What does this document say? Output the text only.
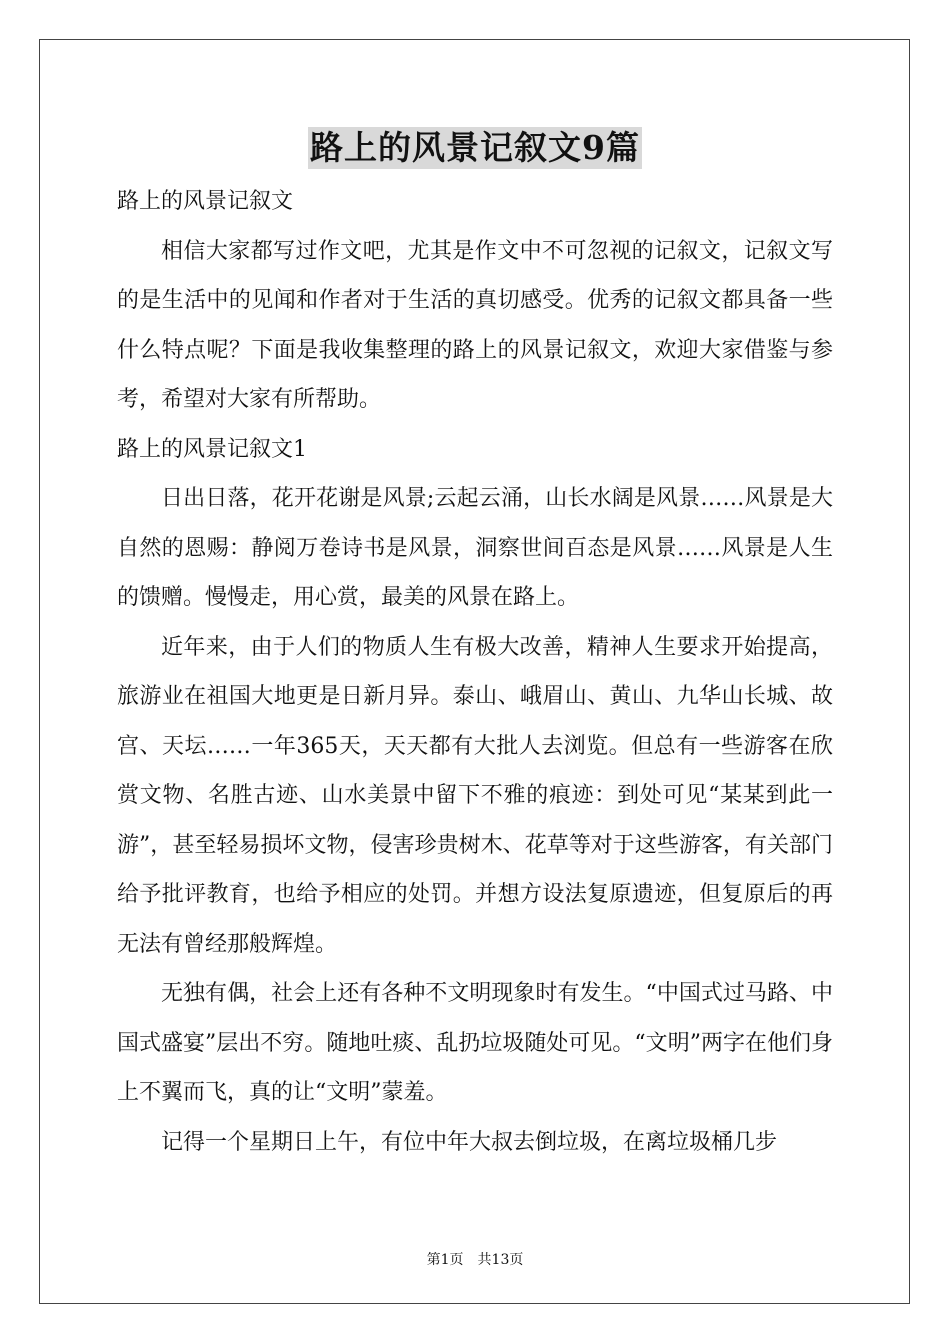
路上的风景记叙文9篇

路上的风景记叙文

相信大家都写过作文吧，尤其是作文中不可忽视的记叙文，记叙文写的是生活中的见闻和作者对于生活的真切感受。优秀的记叙文都具备一些什么特点呢？下面是我收集整理的路上的风景记叙文，欢迎大家借鉴与参考，希望对大家有所帮助。

路上的风景记叙文1

日出日落，花开花谢是风景;云起云涌，山长水阔是风景……风景是大自然的恩赐：静阅万卷诗书是风景，洞察世间百态是风景……风景是人生的馈赠。慢慢走，用心赏，最美的风景在路上。

近年来，由于人们的物质人生有极大改善，精神人生要求开始提高，旅游业在祖国大地更是日新月异。泰山、峨眉山、黄山、九华山长城、故宫、天坛……一年365天，天天都有大批人去浏览。但总有一些游客在欣赏文物、名胜古迹、山水美景中留下不雅的痕迹：到处可见“某某到此一游”，甚至轻易损坏文物，侵害珍贵树木、花草等对于这些游客，有关部门给予批评教育，也给予相应的处罚。并想方设法复原遗迹，但复原后的再无法有曾经那般辉煌。

无独有偶，社会上还有各种不文明现象时有发生。“中国式过马路、中国式盛宴”层出不穷。随地吐痰、乱扔垃圾随处可见。“文明”两字在他们身上不翼而飞，真的让“文明”蒙羞。

记得一个星期日上午，有位中年大叔去倒垃圾，在离垃圾桶几步

第1页 共13页
